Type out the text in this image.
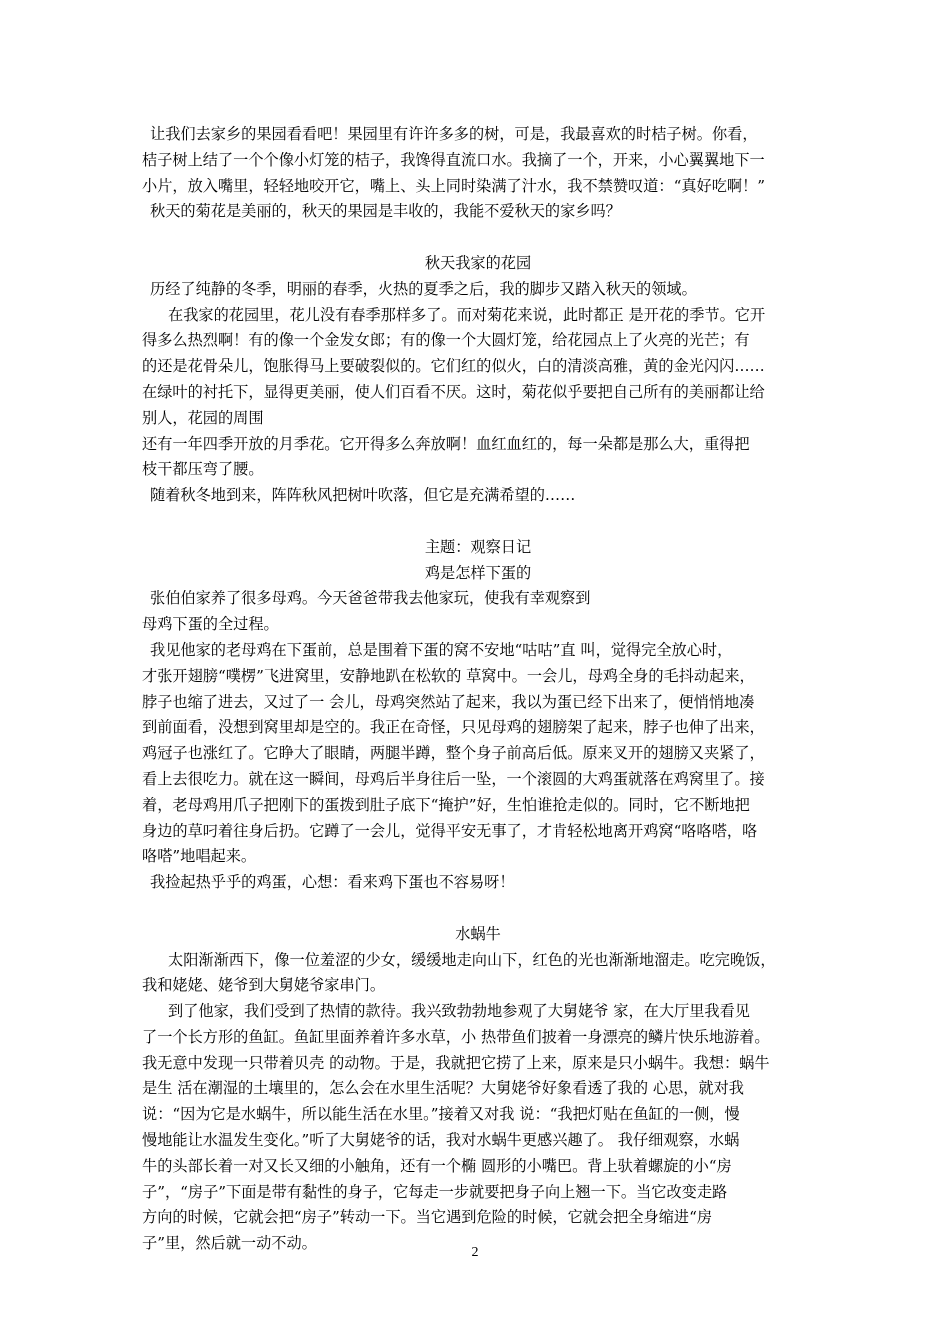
让我们去家乡的果园看看吧！果园里有许许多多的树，可是，我最喜欢的时桔子树。你看，
桔子树上结了一个个像小灯笼的桔子，我馋得直流口水。我摘了一个，开来，小心翼翼地下一
小片，放入嘴里，轻轻地咬开它，嘴上、头上同时染满了汁水，我不禁赞叹道：“真好吃啊！”
秋天的菊花是美丽的，秋天的果园是丰收的，我能不爱秋天的家乡吗？
秋天我家的花园
历经了纯静的冬季，明丽的春季，火热的夏季之后，我的脚步又踏入秋天的领域。
在我家的花园里，花儿没有春季那样多了。而对菊花来说，此时都正 是开花的季节。它开
得多么热烈啊！有的像一个金发女郎；有的像一个大圆灯笼，给花园点上了火亮的光芒；有
的还是花骨朵儿，饱胀得马上要破裂似的。它们红的似火，白的清淡高雅，黄的金光闪闪……
在绿叶的衬托下，显得更美丽，使人们百看不厌。这时，菊花似乎要把自己所有的美丽都让给
别人，花园的周围
还有一年四季开放的月季花。它开得多么奔放啊！血红血红的，每一朵都是那么大，重得把
枝干都压弯了腰。
随着秋冬地到来，阵阵秋风把树叶吹落，但它是充满希望的……
主题：观察日记
鸡是怎样下蛋的
张伯伯家养了很多母鸡。今天爸爸带我去他家玩，使我有幸观察到
母鸡下蛋的全过程。
我见他家的老母鸡在下蛋前，总是围着下蛋的窝不安地“咕咕”直 叫，觉得完全放心时，
才张开翅膀“噗楞”飞进窝里，安静地趴在松软的 草窝中。一会儿，母鸡全身的毛抖动起来，
脖子也缩了进去，又过了一 会儿，母鸡突然站了起来，我以为蛋已经下出来了，便悄悄地凑
到前面看，没想到窝里却是空的。我正在奇怪，只见母鸡的翅膀架了起来，脖子也伸了出来，
鸡冠子也涨红了。它睁大了眼睛，两腿半蹲，整个身子前高后低。原来叉开的翅膀又夹紧了，
看上去很吃力。就在这一瞬间，母鸡后半身往后一坠，一个滚圆的大鸡蛋就落在鸡窝里了。接
着，老母鸡用爪子把刚下的蛋拨到肚子底下“掩护”好，生怕谁抢走似的。同时，它不断地把
身边的草叼着往身后扔。它蹲了一会儿，觉得平安无事了，才肯轻松地离开鸡窝“咯咯嗒，咯
咯嗒”地唱起来。
我捡起热乎乎的鸡蛋，心想：看来鸡下蛋也不容易呀！
水蜗牛
太阳渐渐西下，像一位羞涩的少女，缓缓地走向山下，红色的光也渐渐地溜走。吃完晚饭，
我和姥姥、姥爷到大舅姥爷家串门。
到了他家，我们受到了热情的款待。我兴致勃勃地参观了大舅姥爷 家，在大厅里我看见
了一个长方形的鱼缸。鱼缸里面养着许多水草，小 热带鱼们披着一身漂亮的鳞片快乐地游着。
我无意中发现一只带着贝壳 的动物。于是，我就把它捞了上来，原来是只小蜗牛。我想：蜗牛
是生 活在潮湿的土壤里的，怎么会在水里生活呢？大舅姥爷好象看透了我的 心思，就对我
说：“因为它是水蜗牛，所以能生活在水里。”接着又对我 说：“我把灯贴在鱼缸的一侧，慢
慢地能让水温发生变化。”听了大舅姥爷的话，我对水蜗牛更感兴趣了。 我仔细观察，水蜗
牛的头部长着一对又长又细的小触角，还有一个椭 圆形的小嘴巴。背上驮着螺旋的小“房
子”，“房子”下面是带有黏性的身子，它每走一步就要把身子向上翘一下。当它改变走路
方向的时候，它就会把“房子”转动一下。当它遇到危险的时候，它就会把全身缩进“房
子”里，然后就一动不动。
2
